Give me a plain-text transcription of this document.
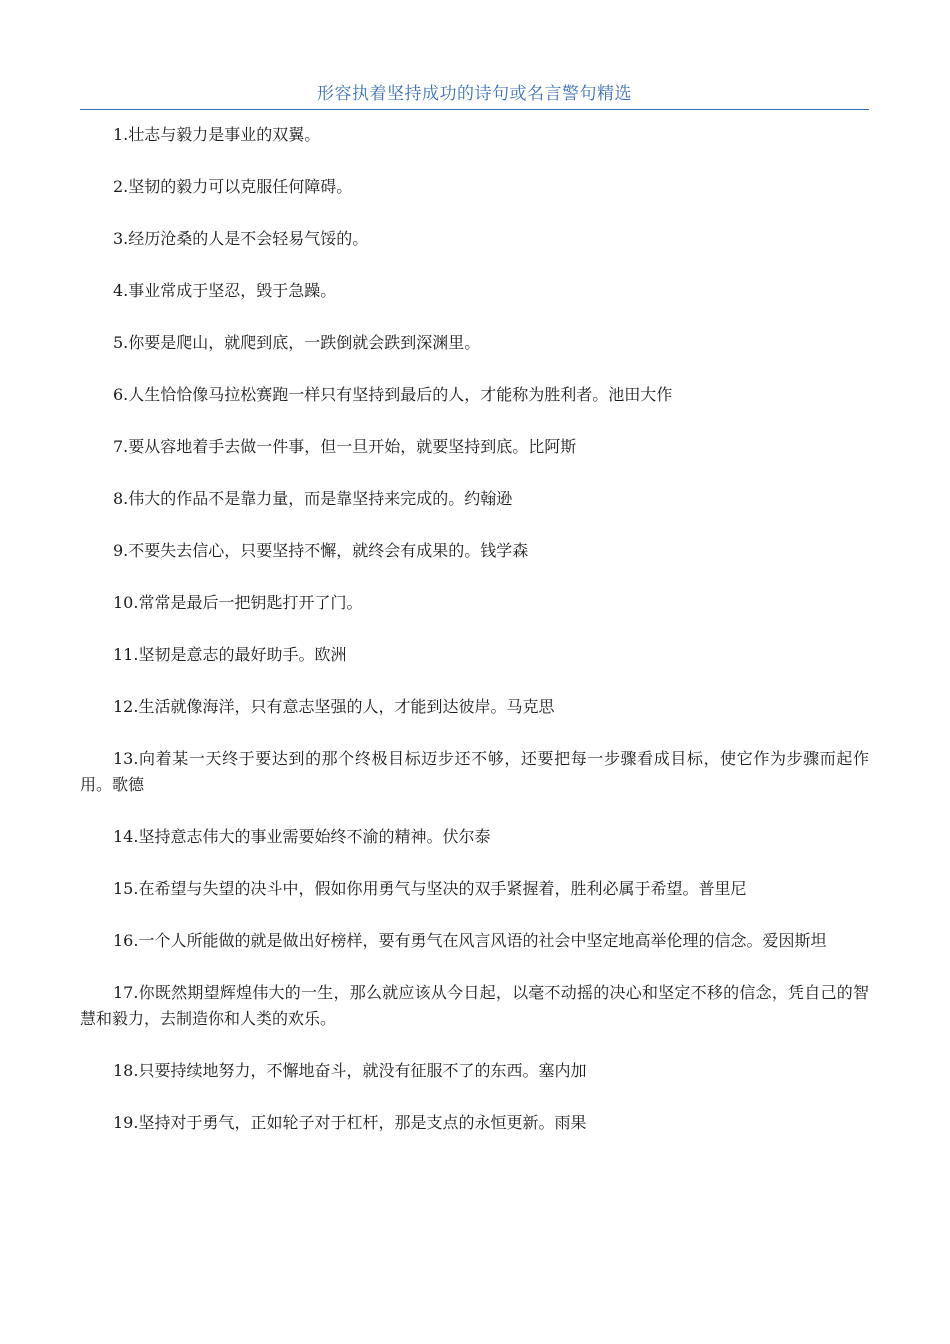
形容执着坚持成功的诗句或名言警句精选

1.壮志与毅力是事业的双翼。

2.坚韧的毅力可以克服任何障碍。

3.经历沧桑的人是不会轻易气馁的。

4.事业常成于坚忍，毁于急躁。

5.你要是爬山，就爬到底，一跌倒就会跌到深渊里。

6.人生恰恰像马拉松赛跑一样只有坚持到最后的人，才能称为胜利者。池田大作

7.要从容地着手去做一件事，但一旦开始，就要坚持到底。比阿斯

8.伟大的作品不是靠力量，而是靠坚持来完成的。约翰逊

9.不要失去信心，只要坚持不懈，就终会有成果的。钱学森

10.常常是最后一把钥匙打开了门。

11.坚韧是意志的最好助手。欧洲

12.生活就像海洋，只有意志坚强的人，才能到达彼岸。马克思

13.向着某一天终于要达到的那个终极目标迈步还不够，还要把每一步骤看成目标，使它作为步骤而起作用。歌德

14.坚持意志伟大的事业需要始终不渝的精神。伏尔泰

15.在希望与失望的决斗中，假如你用勇气与坚决的双手紧握着，胜利必属于希望。普里尼

16.一个人所能做的就是做出好榜样，要有勇气在风言风语的社会中坚定地高举伦理的信念。爱因斯坦

17.你既然期望辉煌伟大的一生，那么就应该从今日起，以毫不动摇的决心和坚定不移的信念，凭自己的智慧和毅力，去制造你和人类的欢乐。

18.只要持续地努力，不懈地奋斗，就没有征服不了的东西。塞内加

19.坚持对于勇气，正如轮子对于杠杆，那是支点的永恒更新。雨果
